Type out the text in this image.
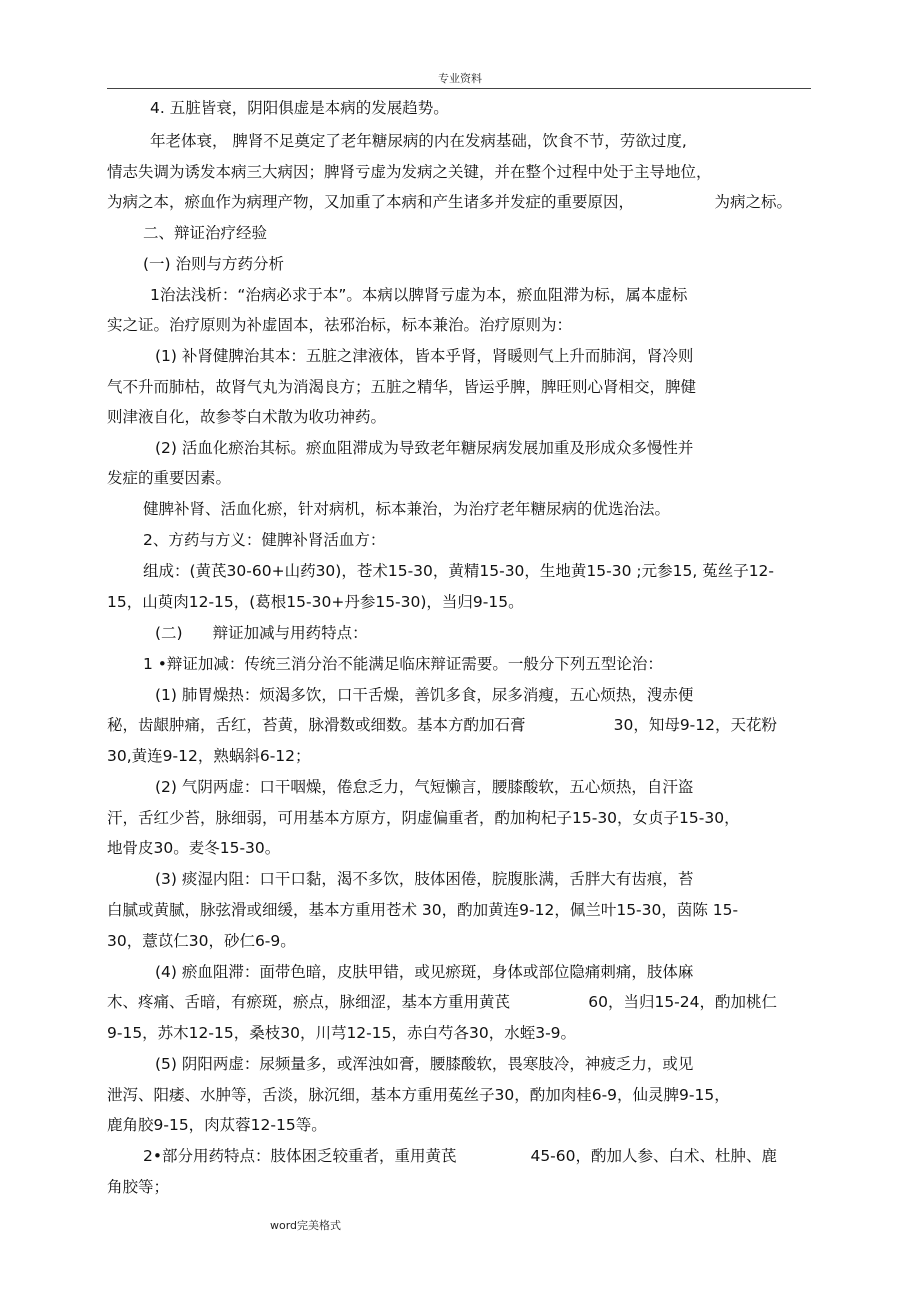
专业资料
4. 五脏皆衰，阴阳俱虚是本病的发展趋势。
年老体衰， 脾肾不足奠定了老年糖尿病的内在发病基础，饮食不节，劳欲过度,
情志失调为诱发本病三大病因；脾肾亏虚为发病之关键，并在整个过程中处于主导地位，
为病之本，瘀血作为病理产物，又加重了本病和产生诸多并发症的重要原因，	为病之标。
二、辩证治疗经验
(一) 治则与方药分析
1治法浅析：“治病必求于本”。本病以脾肾亏虚为本，瘀血阻滞为标，属本虚标
实之证。治疗原则为补虚固本，祛邪治标，标本兼治。治疗原则为：
(1) 补肾健脾治其本：五脏之津液体，皆本乎肾，肾暖则气上升而肺润，肾冷则
气不升而肺枯，故肾气丸为消渴良方；五脏之精华，皆运乎脾，脾旺则心肾相交，脾健
则津液自化，故参苓白术散为收功神药。
(2) 活血化瘀治其标。瘀血阻滞成为导致老年糖尿病发展加重及形成众多慢性并
发症的重要因素。
健脾补肾、活血化瘀，针对病机，标本兼治，为治疗老年糖尿病的优选治法。
2、方药与方义：健脾补肾活血方：
组成：(黄芪30-60+山药30)，苍术15-30，黄精15-30，生地黄15-30 ;元参15, 菟丝子12-
15，山萸肉12-15，(葛根15-30+丹参15-30)，当归9-15。
(二) 辩证加减与用药特点：
1 •辩证加减：传统三消分治不能满足临床辩证需要。一般分下列五型论治：
(1) 肺胃燥热：烦渴多饮，口干舌燥，善饥多食，尿多消瘦，五心烦热，溲赤便
秘，齿龈肿痛，舌红，苔黄，脉滑数或细数。基本方酌加石膏	30，知母9-12，天花粉
30,黄连9-12，熟蜗斜6-12；
(2) 气阴两虚：口干咽燥，倦怠乏力，气短懒言，腰膝酸软，五心烦热，自汗盗
汗，舌红少苔，脉细弱，可用基本方原方，阴虚偏重者，酌加枸杞子15-30，女贞子15-30，
地骨皮30。麦冬15-30。
(3) 痰湿内阻：口干口黏，渴不多饮，肢体困倦，脘腹胀满，舌胖大有齿痕，苔
白腻或黄腻，脉弦滑或细缓，基本方重用苍术 30，酌加黄连9-12，佩兰叶15-30，茵陈 15-
30，薏苡仁30，砂仁6-9。
(4) 瘀血阻滞：面带色暗，皮肤甲错，或见瘀斑，身体或部位隐痛刺痛，肢体麻
木、疼痛、舌暗，有瘀斑，瘀点，脉细涩，基本方重用黄芪	60，当归15-24，酌加桃仁
9-15，苏木12-15，桑枝30，川芎12-15，赤白芍各30，水蛭3-9。
(5) 阴阳两虚：尿频量多，或浑浊如膏，腰膝酸软，畏寒肢冷，神疲乏力，或见
泄泻、阳痿、水肿等，舌淡，脉沉细，基本方重用菟丝子30，酌加肉桂6-9，仙灵脾9-15，
鹿角胶9-15，肉苁蓉12-15等。
2•部分用药特点：肢体困乏较重者，重用黄芪	45-60，酌加人参、白术、杜肿、鹿
角胶等；
word完美格式
